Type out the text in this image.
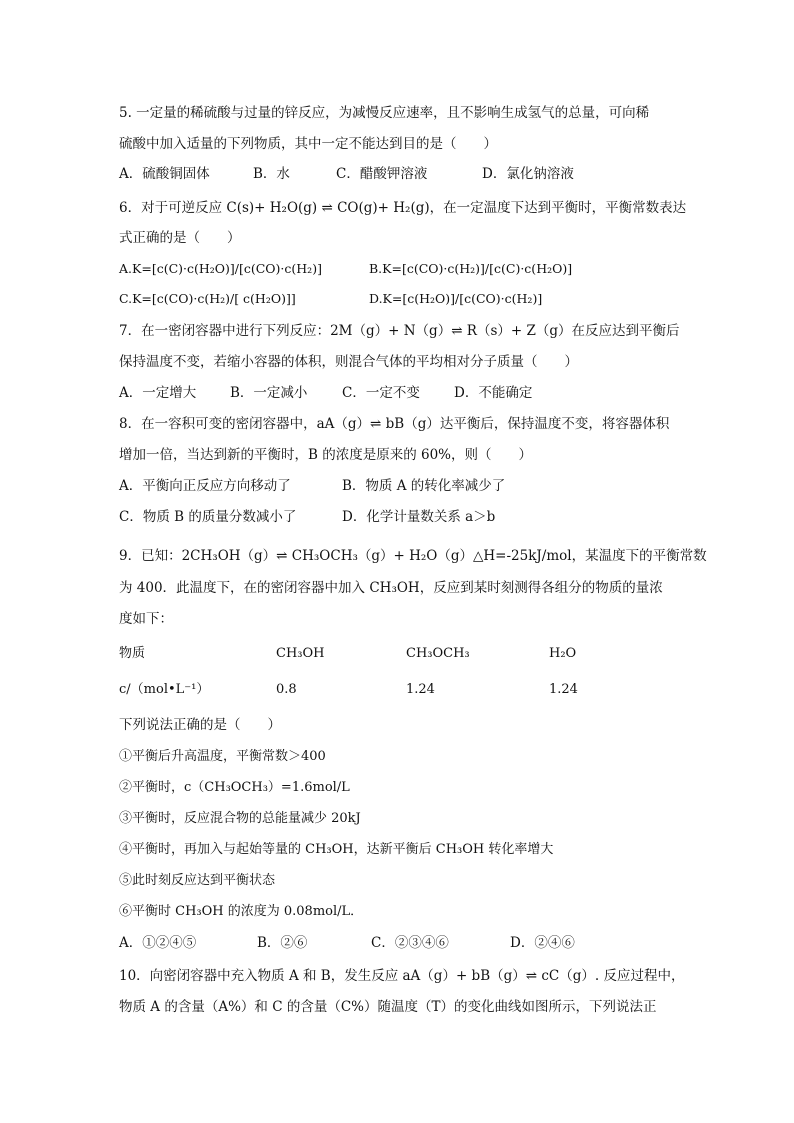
5. 一定量的稀硫酸与过量的锌反应，为减慢反应速率，且不影响生成氢气的总量，可向稀
硫酸中加入适量的下列物质，其中一定不能达到目的是（　　）
A．硫酸铜固体	B．水	C．醋酸钾溶液	D．氯化钠溶液
6．对于可逆反应 C(s)+ H₂O(g) ⇌ CO(g)+ H₂(g)，在一定温度下达到平衡时，平衡常数表达
式正确的是（　　）
A.K=[c(C)·c(H₂O)]/[c(CO)·c(H₂)]	B.K=[c(CO)·c(H₂)]/[c(C)·c(H₂O)]
C.K=[c(CO)·c(H₂)/[ c(H₂O)]]	D.K=[c(H₂O)]/[c(CO)·c(H₂)]
7．在一密闭容器中进行下列反应：2M（g）+ N（g）⇌ R（s）+ Z（g）在反应达到平衡后
保持温度不变，若缩小容器的体积，则混合气体的平均相对分子质量（　　）
A．一定增大	B．一定减小	C．一定不变	D．不能确定
8．在一容积可变的密闭容器中，aA（g）⇌ bB（g）达平衡后，保持温度不变，将容器体积
增加一倍，当达到新的平衡时，B 的浓度是原来的 60%，则（　　）
A．平衡向正反应方向移动了	B．物质 A 的转化率减少了
C．物质 B 的质量分数减小了	D．化学计量数关系 a＞b
9．已知：2CH₃OH（g）⇌ CH₃OCH₃（g）+ H₂O（g）△H=-25kJ/mol，某温度下的平衡常数
为 400．此温度下，在的密闭容器中加入 CH₃OH，反应到某时刻测得各组分的物质的量浓
度如下：
物质	CH₃OH	CH₃OCH₃	H₂O
c/（mol•L⁻¹）	0.8	1.24	1.24
下列说法正确的是（　　）
①平衡后升高温度，平衡常数＞400
②平衡时，c（CH₃OCH₃）=1.6mol/L
③平衡时，反应混合物的总能量减少 20kJ
④平衡时，再加入与起始等量的 CH₃OH，达新平衡后 CH₃OH 转化率增大
⑤此时刻反应达到平衡状态
⑥平衡时 CH₃OH 的浓度为 0.08mol/L．
A．①②④⑤	B．②⑥	C．②③④⑥	D．②④⑥
10．向密闭容器中充入物质 A 和 B，发生反应 aA（g）+ bB（g）⇌ cC（g）. 反应过程中，
物质 A 的含量（A%）和 C 的含量（C%）随温度（T）的变化曲线如图所示，下列说法正
